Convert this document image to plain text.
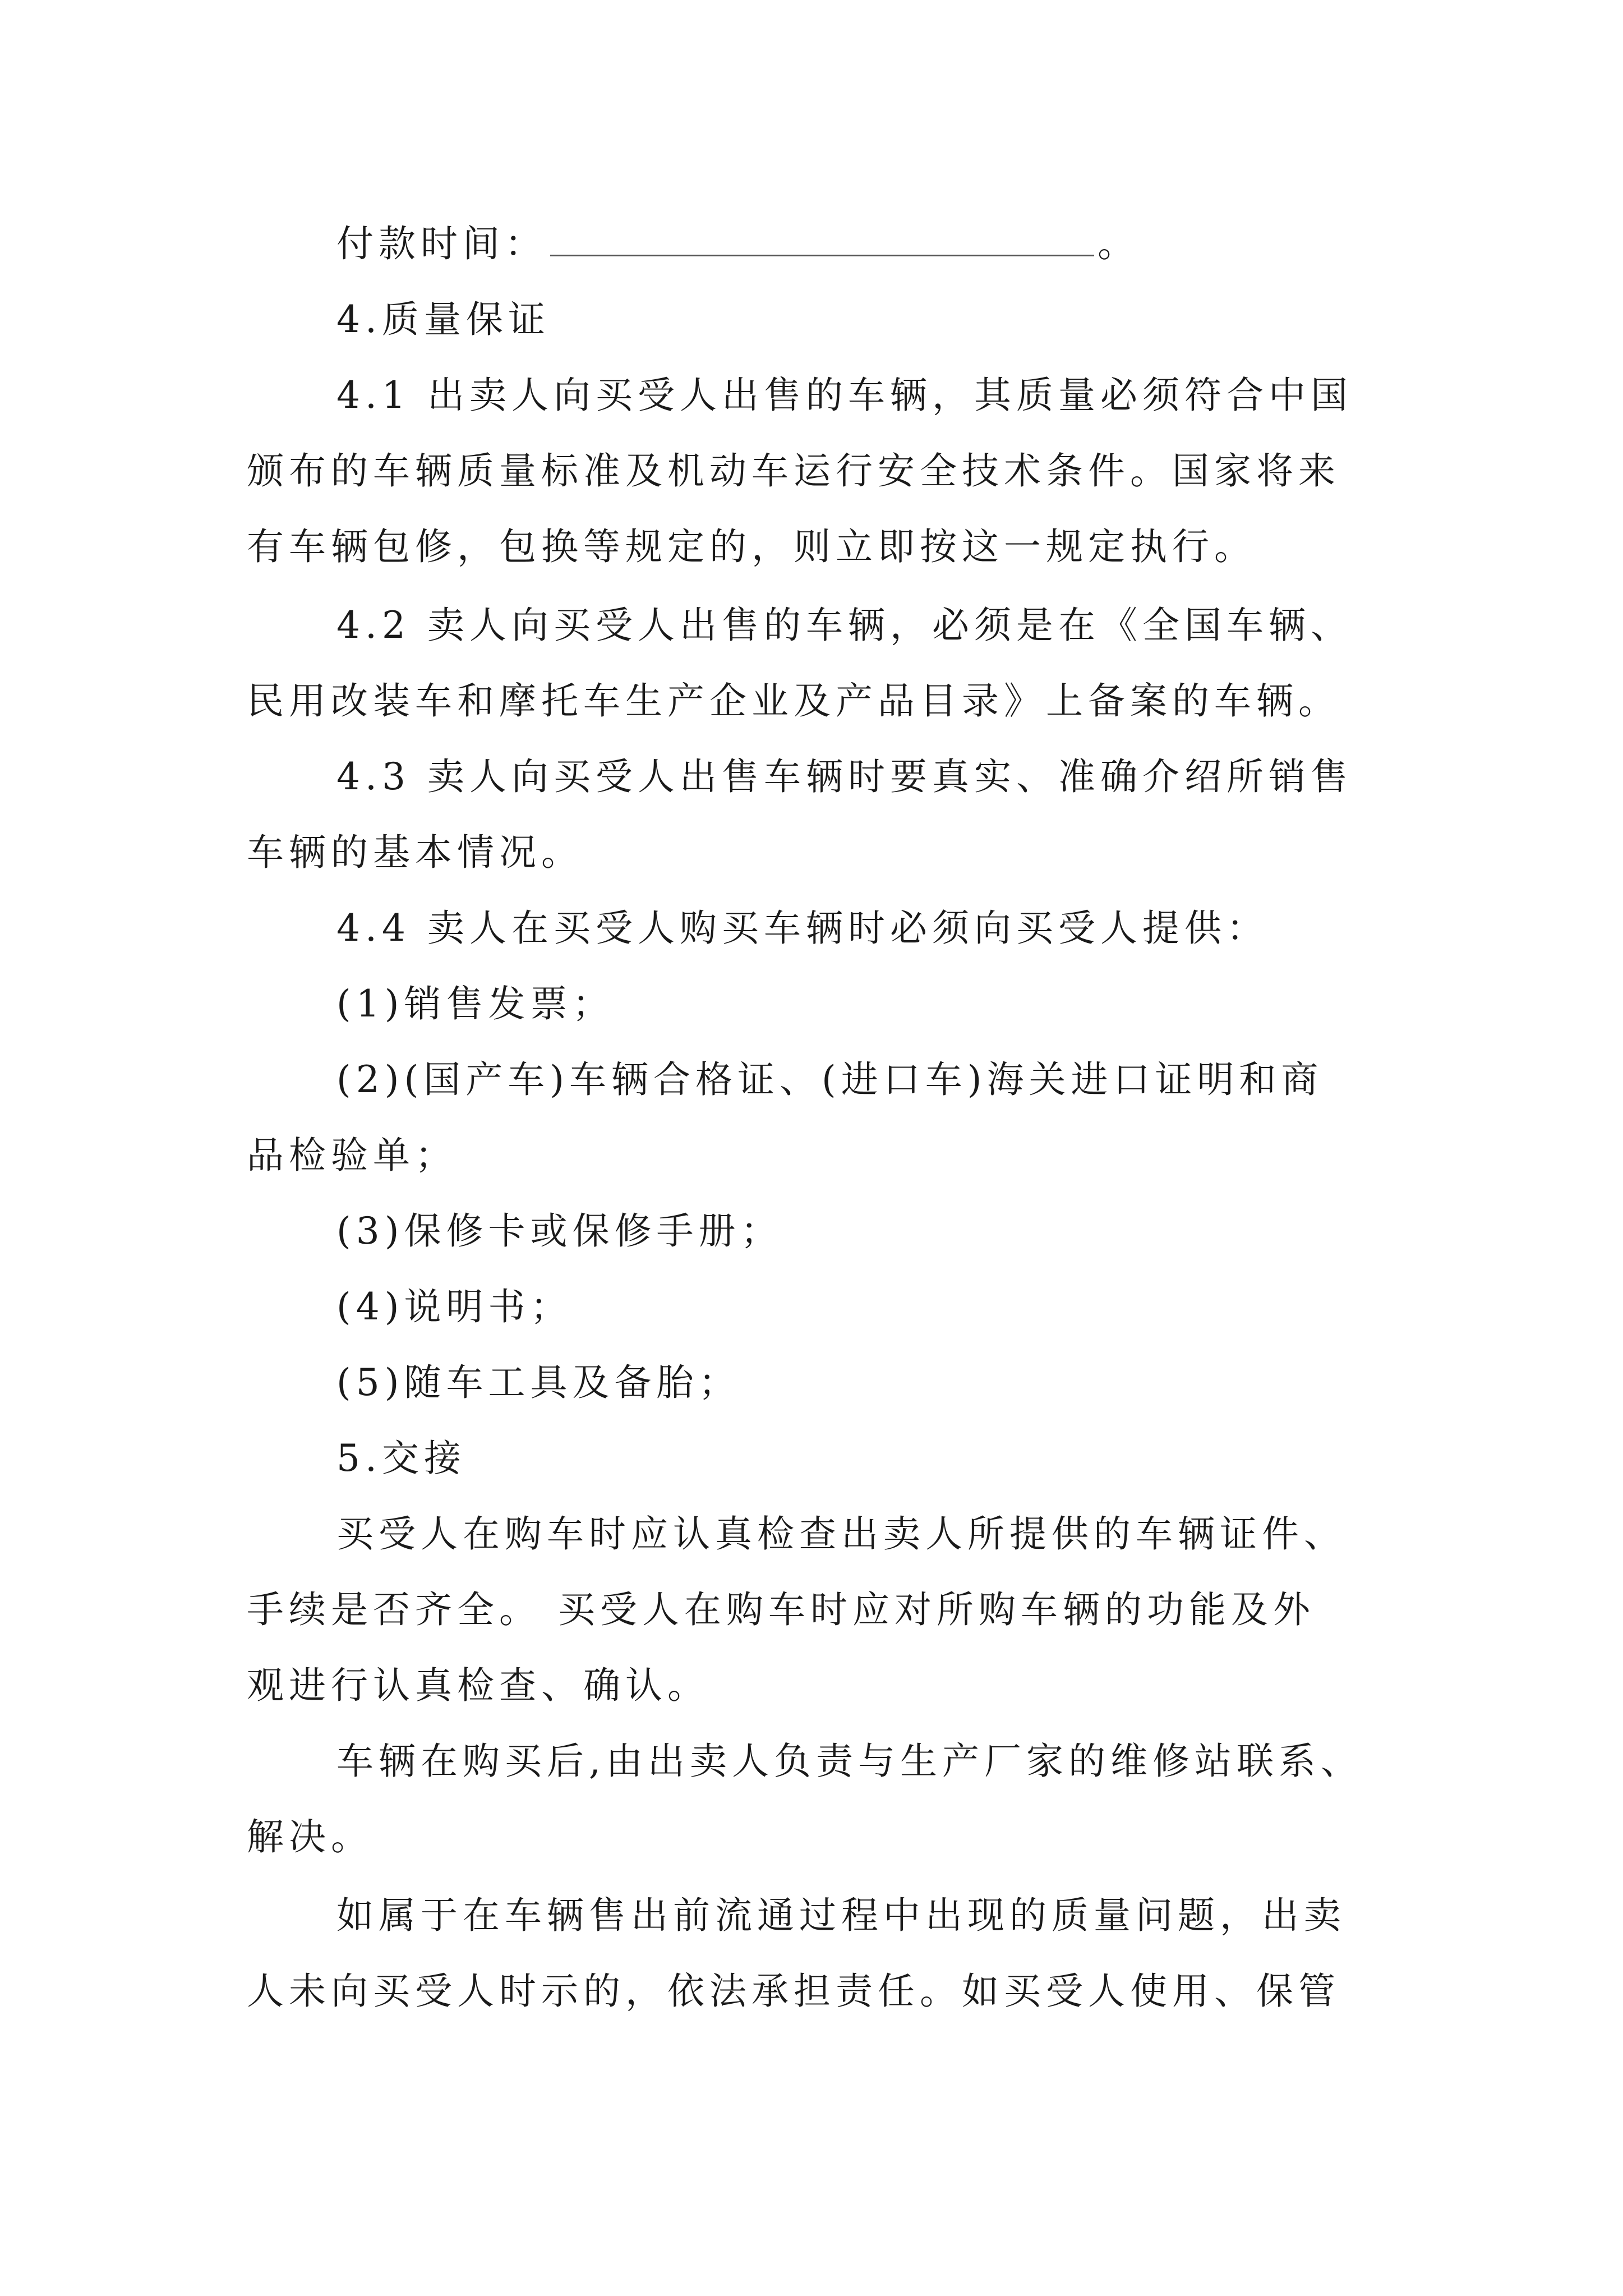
付款时间：	。
4.质量保证
4.1 出卖人向买受人出售的车辆，其质量必须符合中国
颁布的车辆质量标准及机动车运行安全技术条件。国家将来
有车辆包修，包换等规定的，则立即按这一规定执行。
4.2 卖人向买受人出售的车辆，必须是在《全国车辆、
民用改装车和摩托车生产企业及产品目录》上备案的车辆。
4.3 卖人向买受人出售车辆时要真实、准确介绍所销售
车辆的基本情况。
4.4 卖人在买受人购买车辆时必须向买受人提供：
(1)销售发票；
(2)(国产车)车辆合格证、(进口车)海关进口证明和商
品检验单；
(3)保修卡或保修手册；
(4)说明书；
(5)随车工具及备胎；
5.交接
买受人在购车时应认真检查出卖人所提供的车辆证件、
手续是否齐全。 买受人在购车时应对所购车辆的功能及外
观进行认真检查、确认。
车辆在购买后,由出卖人负责与生产厂家的维修站联系、
解决。
如属于在车辆售出前流通过程中出现的质量问题，出卖
人未向买受人时示的，依法承担责任。如买受人使用、保管
